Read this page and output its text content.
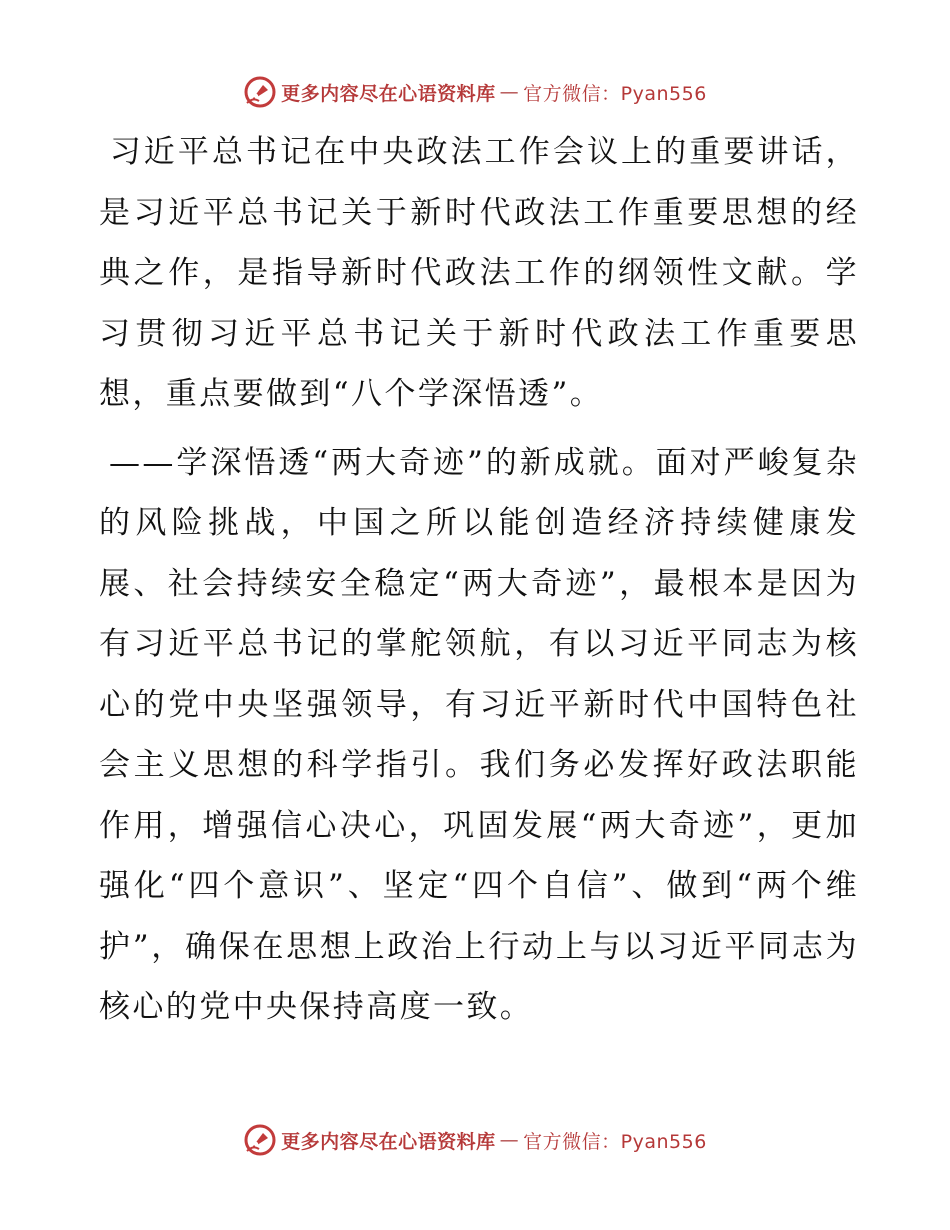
更多内容尽在心语资料库 — 官方微信：Pyan556

习近平总书记在中央政法工作会议上的重要讲话，是习近平总书记关于新时代政法工作重要思想的经典之作，是指导新时代政法工作的纲领性文献。学习贯彻习近平总书记关于新时代政法工作重要思想，重点要做到“八个学深悟透”。

——学深悟透“两大奇迹”的新成就。面对严峻复杂的风险挑战，中国之所以能创造经济持续健康发展、社会持续安全稳定“两大奇迹”，最根本是因为有习近平总书记的掌舵领航，有以习近平同志为核心的党中央坚强领导，有习近平新时代中国特色社会主义思想的科学指引。我们务必发挥好政法职能作用，增强信心决心，巩固发展“两大奇迹”，更加强化“四个意识”、坚定“四个自信”、做到“两个维护”，确保在思想上政治上行动上与以习近平同志为核心的党中央保持高度一致。

更多内容尽在心语资料库 — 官方微信：Pyan556
